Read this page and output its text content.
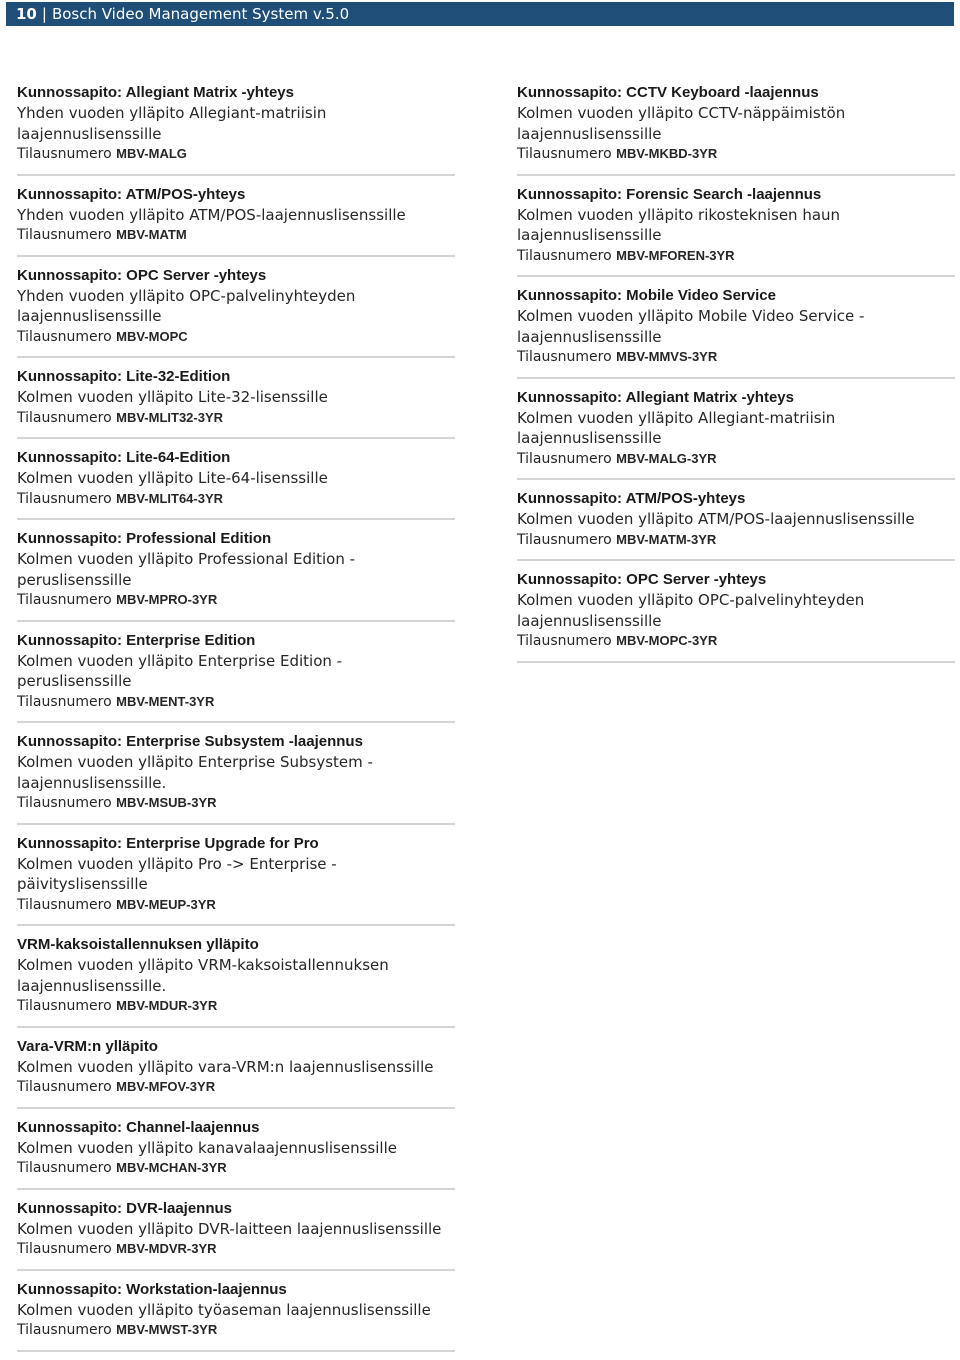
10 | Bosch Video Management System v.5.0
Kunnossapito: Allegiant Matrix -yhteys
Yhden vuoden ylläpito Allegiant-matriisin laajennuslisenssille
Tilausnumero MBV-MALG
Kunnossapito: ATM/POS-yhteys
Yhden vuoden ylläpito ATM/POS-laajennuslisenssille
Tilausnumero MBV-MATM
Kunnossapito: OPC Server -yhteys
Yhden vuoden ylläpito OPC-palvelinyhteyden laajennuslisenssille
Tilausnumero MBV-MOPC
Kunnossapito: Lite-32-Edition
Kolmen vuoden ylläpito Lite-32-lisenssille
Tilausnumero MBV-MLIT32-3YR
Kunnossapito: Lite-64-Edition
Kolmen vuoden ylläpito Lite-64-lisenssille
Tilausnumero MBV-MLIT64-3YR
Kunnossapito: Professional Edition
Kolmen vuoden ylläpito Professional Edition - peruslisenssille
Tilausnumero MBV-MPRO-3YR
Kunnossapito: Enterprise Edition
Kolmen vuoden ylläpito Enterprise Edition - peruslisenssille
Tilausnumero MBV-MENT-3YR
Kunnossapito: Enterprise Subsystem -laajennus
Kolmen vuoden ylläpito Enterprise Subsystem - laajennuslisenssille.
Tilausnumero MBV-MSUB-3YR
Kunnossapito: Enterprise Upgrade for Pro
Kolmen vuoden ylläpito Pro -> Enterprise - päivityslisenssille
Tilausnumero MBV-MEUP-3YR
VRM-kaksoistallennuksen ylläpito
Kolmen vuoden ylläpito VRM-kaksoistallennuksen laajennuslisenssille.
Tilausnumero MBV-MDUR-3YR
Vara-VRM:n ylläpito
Kolmen vuoden ylläpito vara-VRM:n laajennuslisenssille
Tilausnumero MBV-MFOV-3YR
Kunnossapito: Channel-laajennus
Kolmen vuoden ylläpito kanavalaajennuslisenssille
Tilausnumero MBV-MCHAN-3YR
Kunnossapito: DVR-laajennus
Kolmen vuoden ylläpito DVR-laitteen laajennuslisenssille
Tilausnumero MBV-MDVR-3YR
Kunnossapito: Workstation-laajennus
Kolmen vuoden ylläpito työaseman laajennuslisenssille
Tilausnumero MBV-MWST-3YR
Kunnossapito: CCTV Keyboard -laajennus
Kolmen vuoden ylläpito CCTV-näppäimistön laajennuslisenssille
Tilausnumero MBV-MKBD-3YR
Kunnossapito: Forensic Search -laajennus
Kolmen vuoden ylläpito rikosteknisen haun laajennuslisenssille
Tilausnumero MBV-MFOREN-3YR
Kunnossapito: Mobile Video Service
Kolmen vuoden ylläpito Mobile Video Service - laajennuslisenssille
Tilausnumero MBV-MMVS-3YR
Kunnossapito: Allegiant Matrix -yhteys
Kolmen vuoden ylläpito Allegiant-matriisin laajennuslisenssille
Tilausnumero MBV-MALG-3YR
Kunnossapito: ATM/POS-yhteys
Kolmen vuoden ylläpito ATM/POS-laajennuslisenssille
Tilausnumero MBV-MATM-3YR
Kunnossapito: OPC Server -yhteys
Kolmen vuoden ylläpito OPC-palvelinyhteyden laajennuslisenssille
Tilausnumero MBV-MOPC-3YR
